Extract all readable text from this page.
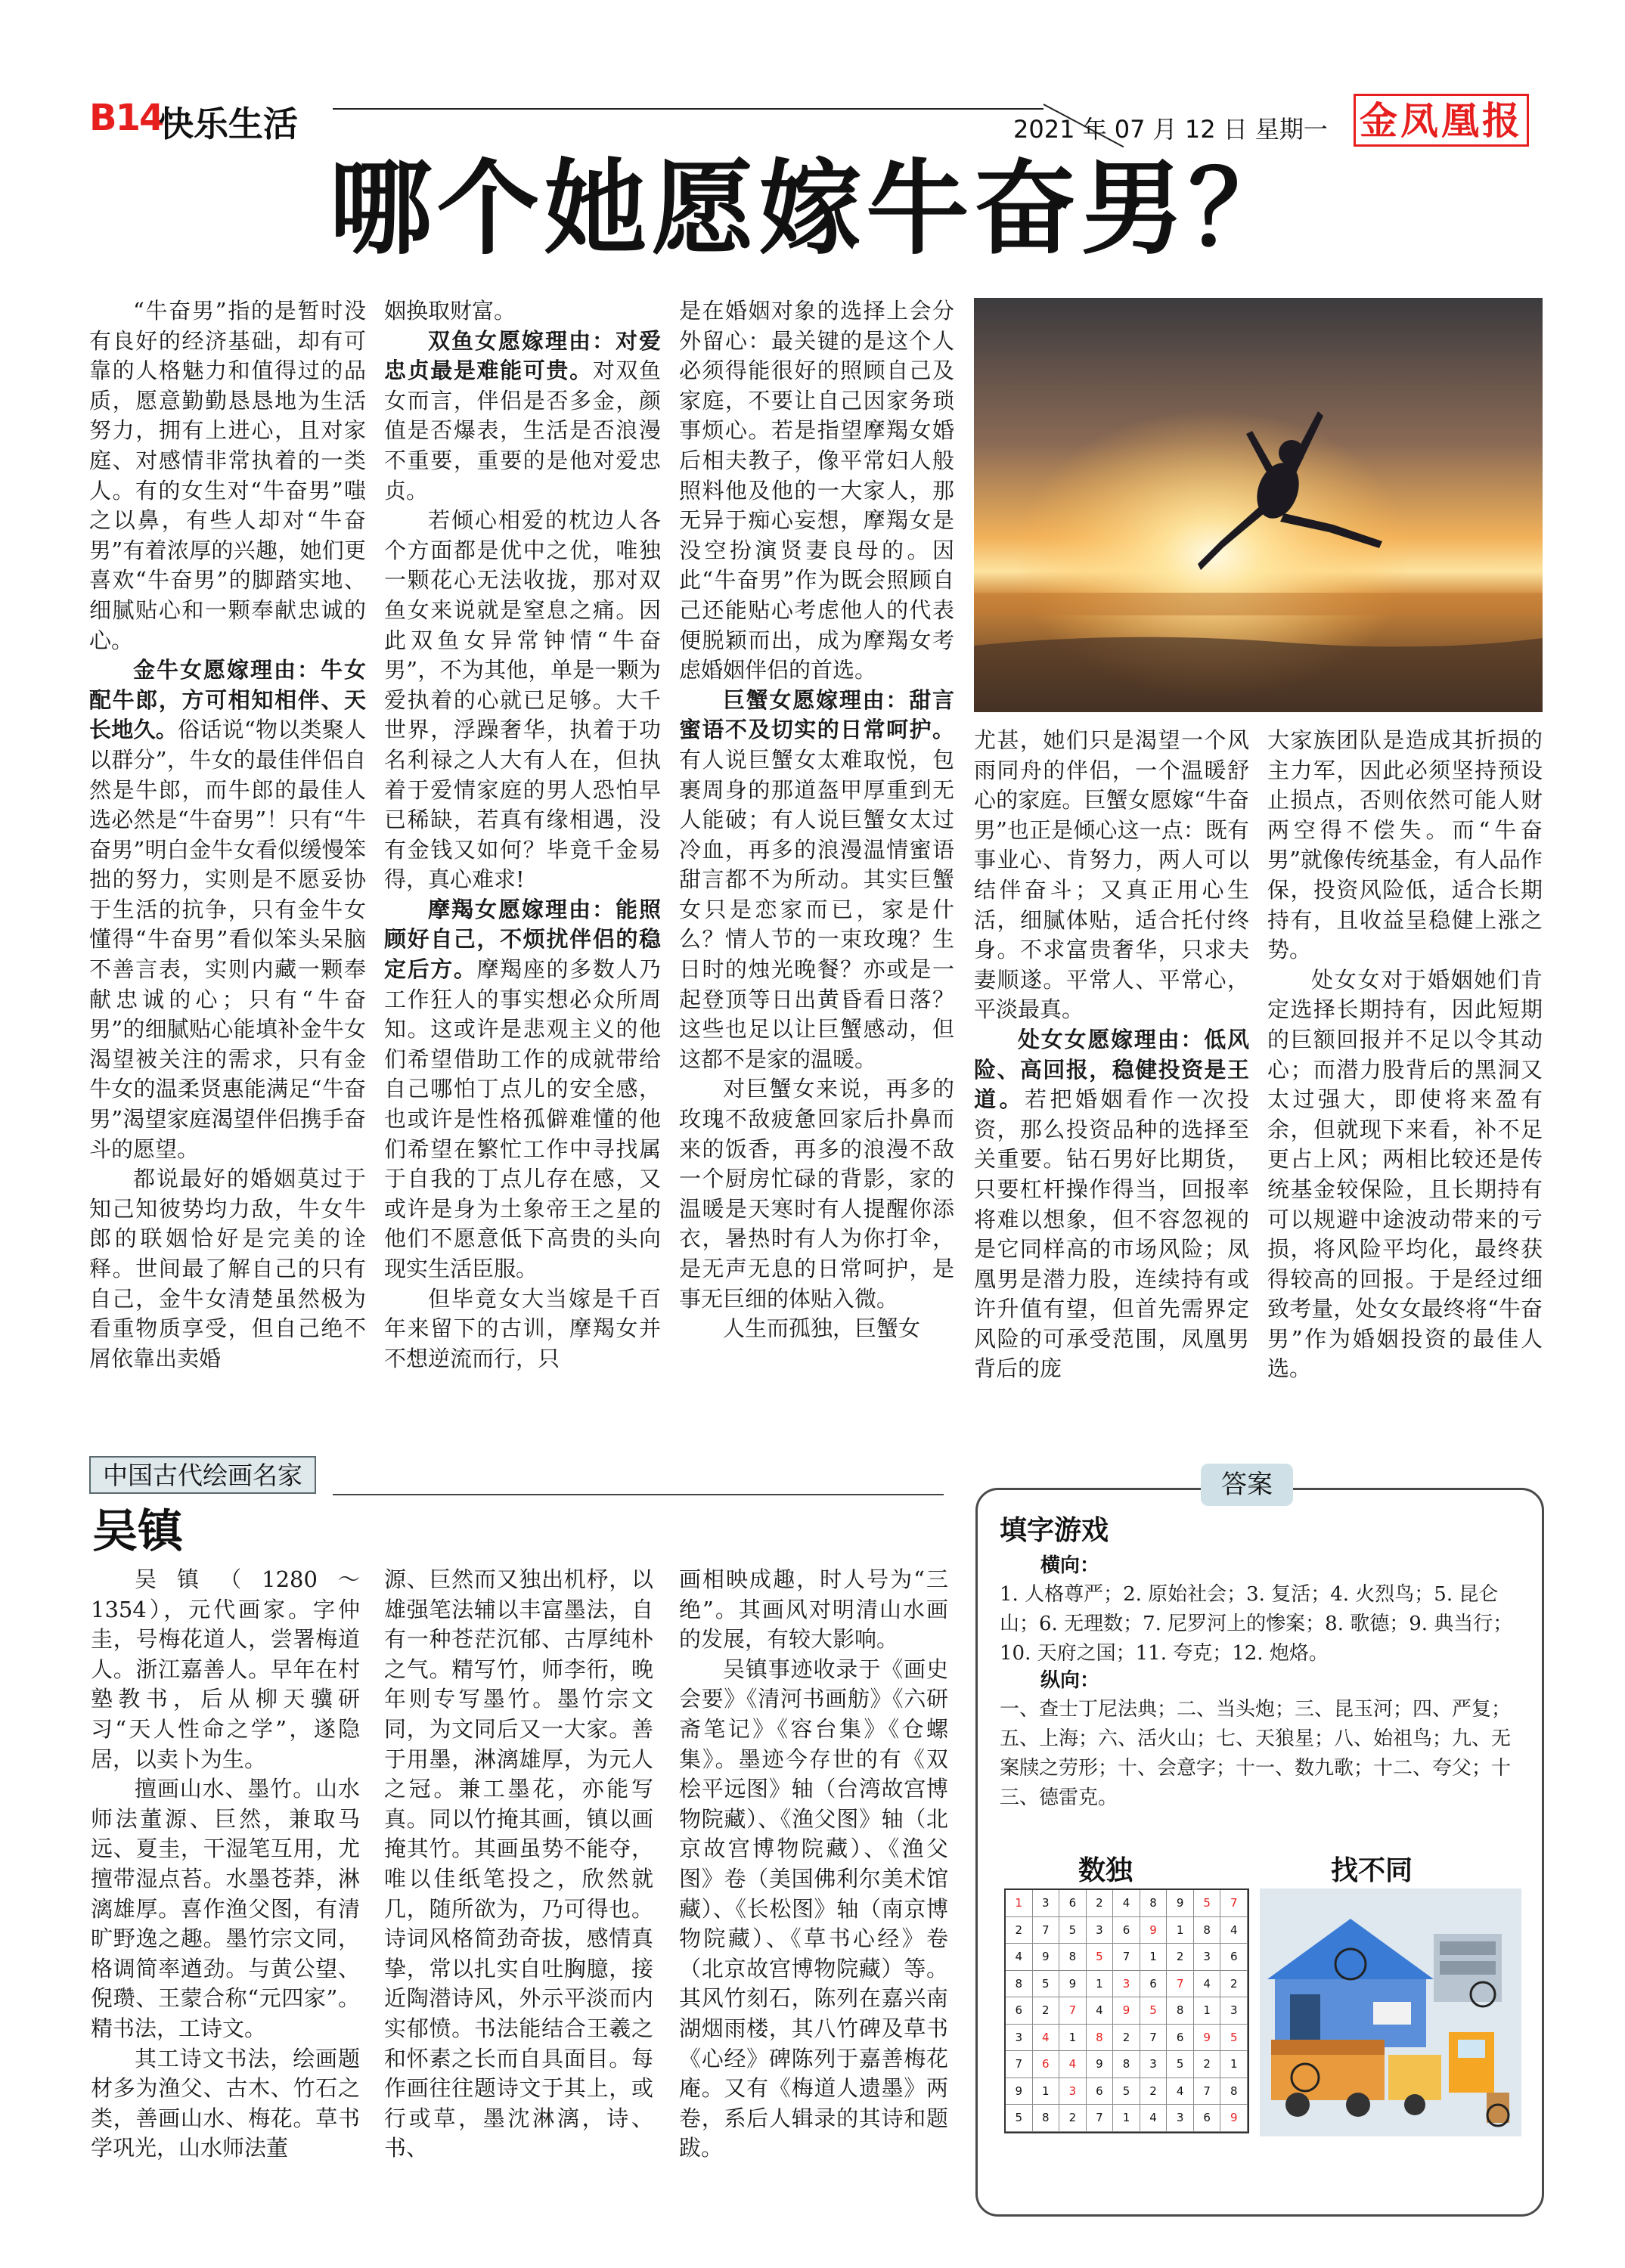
B14
快乐生活	2021 年 07 月 12 日 星期一 金凤凰报
哪个她愿嫁牛奋男？

“牛奋男”指的是暂时没有良好的经济基础，却有可靠的人格魅力和值得过的品质，愿意勤勤恳恳地为生活努力，拥有上进心，且对家庭、对感情非常执着的一类人。有的女生对“牛奋男”嗤之以鼻，有些人却对“牛奋男”有着浓厚的兴趣，她们更喜欢“牛奋男”的脚踏实地、细腻贴心和一颗奉献忠诚的心。

金牛女愿嫁理由：牛女配牛郎，方可相知相伴、天长地久。俗话说“物以类聚人以群分”，牛女的最佳伴侣自然是牛郎，而牛郎的最佳人选必然是“牛奋男”！只有“牛奋男”明白金牛女看似缓慢笨拙的努力，实则是不愿妥协于生活的抗争，只有金牛女懂得“牛奋男”看似笨头呆脑不善言表，实则内藏一颗奉献忠诚的心；只有“牛奋男”的细腻贴心能填补金牛女渴望被关注的需求，只有金牛女的温柔贤惠能满足“牛奋男”渴望家庭渴望伴侣携手奋斗的愿望。

都说最好的婚姻莫过于知己知彼势均力敌，牛女牛郎的联姻恰好是完美的诠释。世间最了解自己的只有自己，金牛女清楚虽然极为看重物质享受，但自己绝不屑依靠出卖婚

姻换取财富。

双鱼女愿嫁理由：对爱忠贞最是难能可贵。对双鱼女而言，伴侣是否多金，颜值是否爆表，生活是否浪漫不重要，重要的是他对爱忠贞。

若倾心相爱的枕边人各个方面都是优中之优，唯独一颗花心无法收拢，那对双鱼女来说就是窒息之痛。因此双鱼女异常钟情“牛奋男”，不为其他，单是一颗为爱执着的心就已足够。大千世界，浮躁奢华，执着于功名利禄之人大有人在，但执着于爱情家庭的男人恐怕早已稀缺，若真有缘相遇，没有金钱又如何？毕竟千金易得，真心难求!

摩羯女愿嫁理由：能照顾好自己，不烦扰伴侣的稳定后方。摩羯座的多数人乃工作狂人的事实想必众所周知。这或许是悲观主义的他们希望借助工作的成就带给自己哪怕丁点儿的安全感，也或许是性格孤僻难懂的他们希望在繁忙工作中寻找属于自我的丁点儿存在感，又或许是身为土象帝王之星的他们不愿意低下高贵的头向现实生活臣服。

但毕竟女大当嫁是千百年来留下的古训，摩羯女并不想逆流而行，只

是在婚姻对象的选择上会分外留心：最关键的是这个人必须得能很好的照顾自己及家庭，不要让自己因家务琐事烦心。若是指望摩羯女婚后相夫教子，像平常妇人般照料他及他的一大家人，那无异于痴心妄想，摩羯女是没空扮演贤妻良母的。因此“牛奋男”作为既会照顾自己还能贴心考虑他人的代表便脱颖而出，成为摩羯女考虑婚姻伴侣的首选。

巨蟹女愿嫁理由：甜言蜜语不及切实的日常呵护。有人说巨蟹女太难取悦，包裹周身的那道盔甲厚重到无人能破；有人说巨蟹女太过冷血，再多的浪漫温情蜜语甜言都不为所动。其实巨蟹女只是恋家而已，家是什么？情人节的一束玫瑰？生日时的烛光晚餐？亦或是一起登顶等日出黄昏看日落？这些也足以让巨蟹感动，但这都不是家的温暖。

对巨蟹女来说，再多的玫瑰不敌疲惫回家后扑鼻而来的饭香，再多的浪漫不敌一个厨房忙碌的背影，家的温暖是天寒时有人提醒你添衣，暑热时有人为你打伞，是无声无息的日常呵护，是事无巨细的体贴入微。

人生而孤独，巨蟹女

尤甚，她们只是渴望一个风雨同舟的伴侣，一个温暖舒心的家庭。巨蟹女愿嫁“牛奋男”也正是倾心这一点：既有事业心、肯努力，两人可以结伴奋斗；又真正用心生活，细腻体贴，适合托付终身。不求富贵奢华，只求夫妻顺遂。平常人、平常心，平淡最真。

处女女愿嫁理由：低风险、高回报，稳健投资是王道。若把婚姻看作一次投资，那么投资品种的选择至关重要。钻石男好比期货，只要杠杆操作得当，回报率将难以想象，但不容忽视的是它同样高的市场风险；凤凰男是潜力股，连续持有或许升值有望，但首先需界定风险的可承受范围，凤凰男背后的庞

大家族团队是造成其折损的主力军，因此必须坚持预设止损点，否则依然可能人财两空得不偿失。而“牛奋男”就像传统基金，有人品作保，投资风险低，适合长期持有，且收益呈稳健上涨之势。

处女女对于婚姻她们肯定选择长期持有，因此短期的巨额回报并不足以令其动心；而潜力股背后的黑洞又太过强大，即使将来盈有余，但就现下来看，补不足更占上风；两相比较还是传统基金较保险，且长期持有可以规避中途波动带来的亏损，将风险平均化，最终获得较高的回报。于是经过细致考量，处女女最终将“牛奋男”作为婚姻投资的最佳人选。

中国古代绘画名家
吴镇

吴镇（1280～1354），元代画家。字仲圭，号梅花道人，尝署梅道人。浙江嘉善人。早年在村塾教书，后从柳天骥研习“天人性命之学”，遂隐居，以卖卜为生。

擅画山水、墨竹。山水师法董源、巨然，兼取马远、夏圭，干湿笔互用，尤擅带湿点苔。水墨苍莽，淋漓雄厚。喜作渔父图，有清旷野逸之趣。墨竹宗文同，格调简率遒劲。与黄公望、倪瓒、王蒙合称“元四家”。精书法，工诗文。

其工诗文书法，绘画题材多为渔父、古木、竹石之类，善画山水、梅花。草书学巩光，山水师法董

源、巨然而又独出机杼，以雄强笔法辅以丰富墨法，自有一种苍茫沉郁、古厚纯朴之气。精写竹，师李衎，晚年则专写墨竹。墨竹宗文同，为文同后又一大家。善于用墨，淋漓雄厚，为元人之冠。兼工墨花，亦能写真。同以竹掩其画，镇以画掩其竹。其画虽势不能夺，唯以佳纸笔投之，欣然就几，随所欲为，乃可得也。诗词风格简劲奇拔，感情真挚，常以扎实自吐胸臆，接近陶潜诗风，外示平淡而内实郁愤。书法能结合王羲之和怀素之长而自具面目。每作画往往题诗文于其上，或行或草，墨沈淋漓，诗、书、

画相映成趣，时人号为“三绝”。其画风对明清山水画的发展，有较大影响。

吴镇事迹收录于《画史会要》《清河书画舫》《六研斋笔记》《容台集》《仓螺集》。墨迹今存世的有《双桧平远图》轴（台湾故宫博物院藏）、《渔父图》轴（北京故宫博物院藏）、《渔父图》卷（美国佛利尔美术馆藏）、《长松图》轴（南京博物院藏）、《草书心经》卷（北京故宫博物院藏）等。其风竹刻石，陈列在嘉兴南湖烟雨楼，其八竹碑及草书《心经》碑陈列于嘉善梅花庵。又有《梅道人遗墨》两卷，系后人辑录的其诗和题跋。

答案
填字游戏
横向：
1. 人格尊严；2. 原始社会；3. 复活；4. 火烈鸟；5. 昆仑山；6. 无理数；7. 尼罗河上的惨案；8. 歌德；9. 典当行；10. 天府之国；11. 夸克；12. 炮烙。
纵向：
一、查士丁尼法典；二、当头炮；三、昆玉河；四、严复；五、上海；六、活火山；七、天狼星；八、始祖鸟；九、无案牍之劳形；十、会意字；十一、数九歌；十二、夸父；十三、德雷克。
数独	找不同
1	3	6	2	4	8	9	5	7
2	7	5	3	6	9	1	8	4
4	9	8	5	7	1	2	3	6
8	5	9	1	3	6	7	4	2
6	2	7	4	9	5	8	1	3
3	4	1	8	2	7	6	9	5
7	6	4	9	8	3	5	2	1
9	1	3	6	5	2	4	7	8
5	8	2	7	1	4	3	6	9
